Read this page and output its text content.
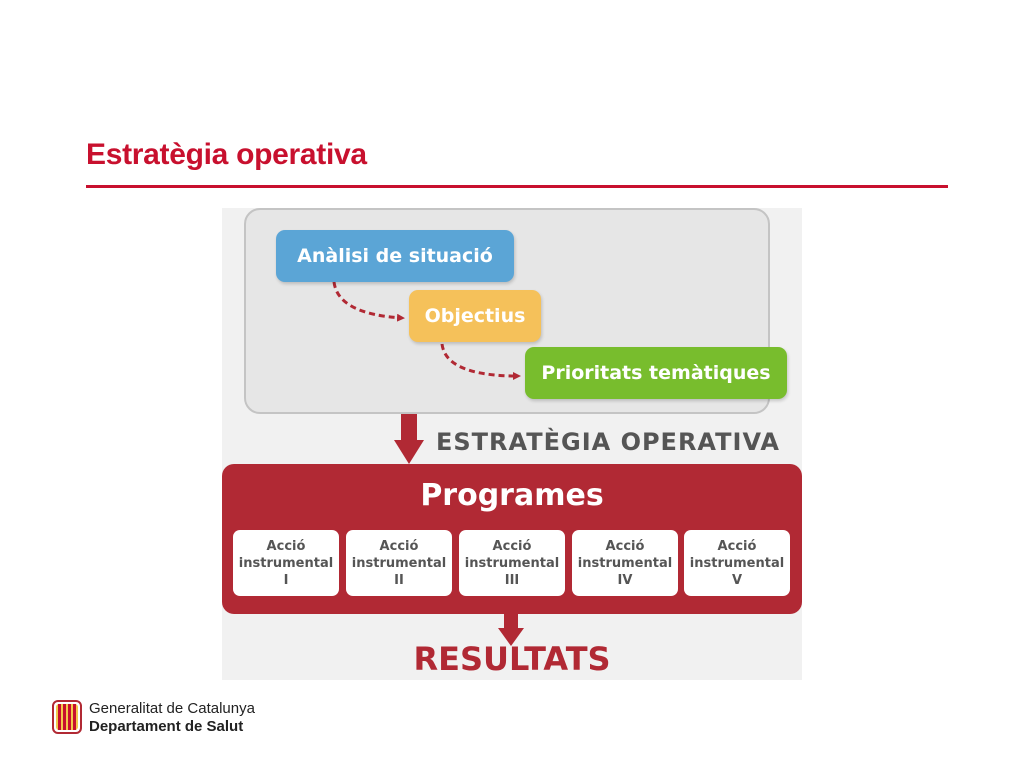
Estratègia operativa
Anàlisi de situació
Objectius
Prioritats temàtiques
ESTRATÈGIA OPERATIVA
Programes
Acció
instrumental
I
Acció
instrumental
II
Acció
instrumental
III
Acció
instrumental
IV
Acció
instrumental
V
RESULTATS
Generalitat de Catalunya
Departament de Salut
